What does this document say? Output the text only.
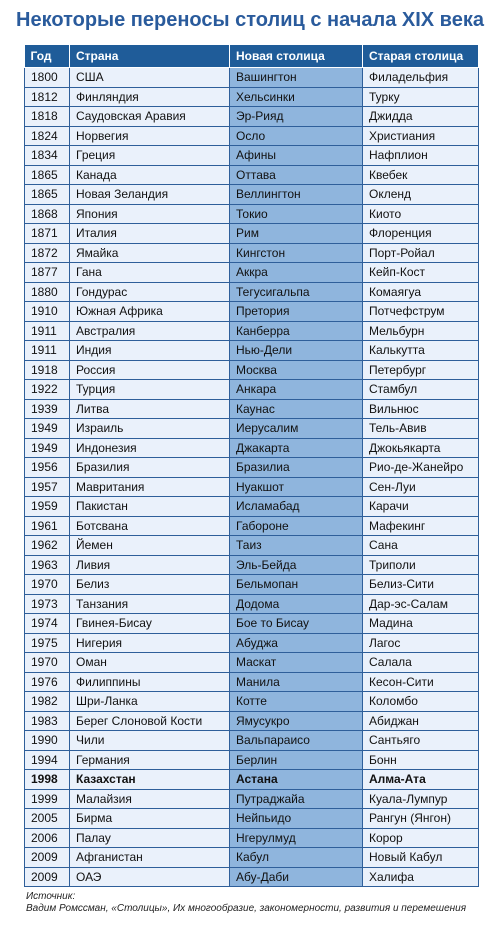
Некоторые переносы столиц с начала XIX века
Год	Страна	Новая столица	Старая столица
1800	США	Вашингтон	Филадельфия
1812	Финляндия	Хельсинки	Турку
1818	Саудовская Аравия	Эр-Рияд	Джидда
1824	Норвегия	Осло	Христиания
1834	Греция	Афины	Нафплион
1865	Канада	Оттава	Квебек
1865	Новая Зеландия	Веллингтон	Окленд
1868	Япония	Токио	Киото
1871	Италия	Рим	Флоренция
1872	Ямайка	Кингстон	Порт-Ройал
1877	Гана	Аккра	Кейп-Кост
1880	Гондурас	Тегусигальпа	Комаягуа
1910	Южная Африка	Претория	Потчефструм
1911	Австралия	Канберра	Мельбурн
1911	Индия	Нью-Дели	Калькутта
1918	Россия	Москва	Петербург
1922	Турция	Анкара	Стамбул
1939	Литва	Каунас	Вильнюс
1949	Израиль	Иерусалим	Тель-Авив
1949	Индонезия	Джакарта	Джокьякарта
1956	Бразилия	Бразилиа	Рио-де-Жанейро
1957	Мавритания	Нуакшот	Сен-Луи
1959	Пакистан	Исламабад	Карачи
1961	Ботсвана	Габороне	Мафекинг
1962	Йемен	Таиз	Сана
1963	Ливия	Эль-Бейда	Триполи
1970	Белиз	Бельмопан	Белиз-Сити
1973	Танзания	Додома	Дар-эс-Салам
1974	Гвинея-Бисау	Бое то Бисау	Мадина
1975	Нигерия	Абуджа	Лагос
1970	Оман	Маскат	Салала
1976	Филиппины	Манила	Кесон-Сити
1982	Шри-Ланка	Котте	Коломбо
1983	Берег Слоновой Кости	Ямусукро	Абиджан
1990	Чили	Вальпараисо	Сантьяго
1994	Германия	Берлин	Бонн
1998	Казахстан	Астана	Алма-Ата
1999	Малайзия	Путраджайа	Куала-Лумпур
2005	Бирма	Нейпьидо	Рангун (Янгон)
2006	Палау	Нгерулмуд	Корор
2009	Афганистан	Кабул	Новый Кабул
2009	ОАЭ	Абу-Даби	Халифа
Источник:
Вадим Ромссман, «Столицы», Их многообразие, закономерности, развития и перемешения
